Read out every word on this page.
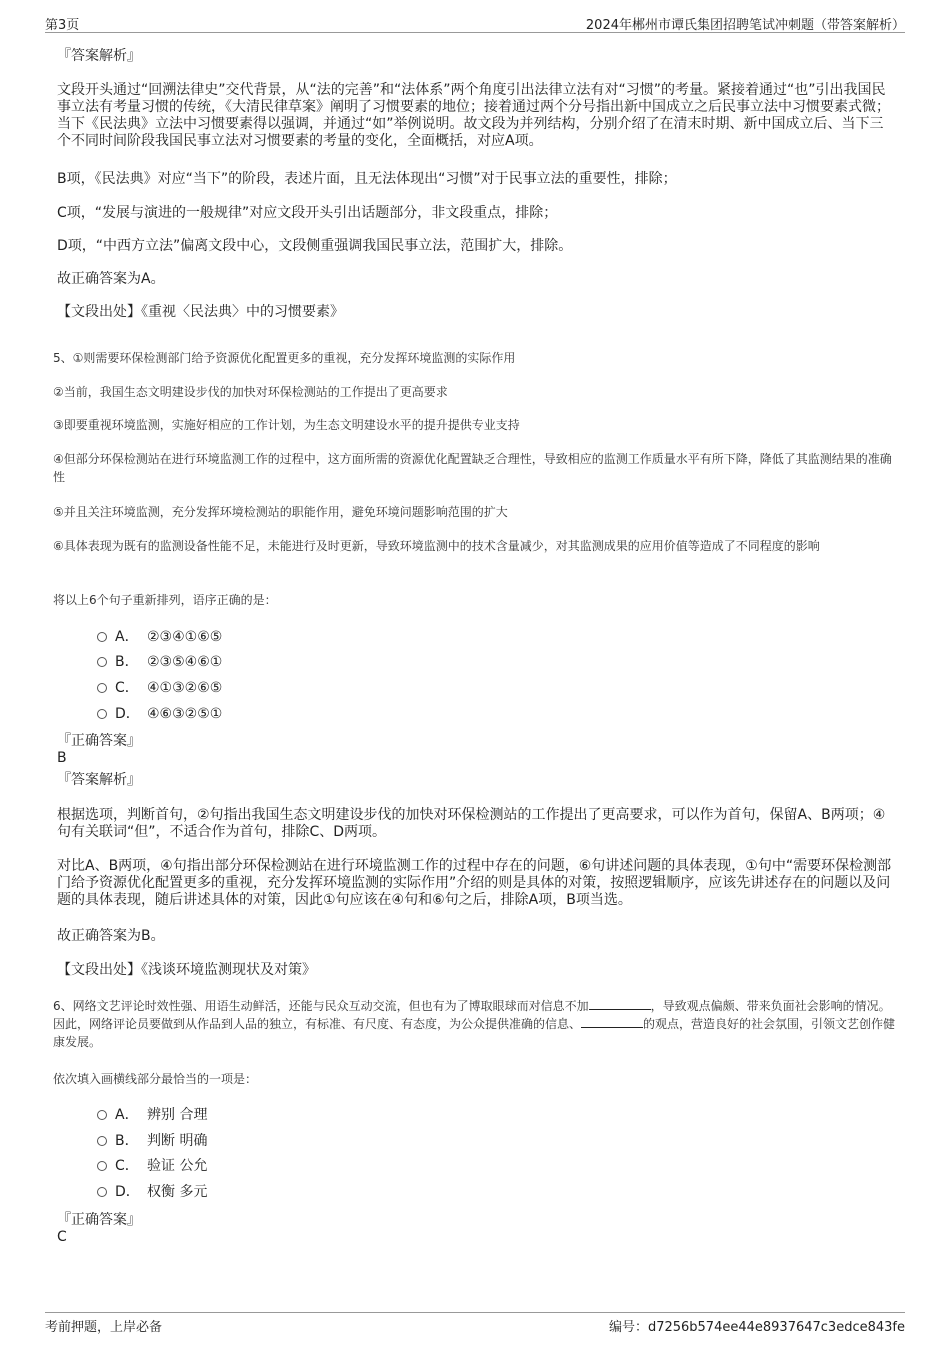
第3页	2024年郴州市谭氏集团招聘笔试冲刺题（带答案解析）

『答案解析』

文段开头通过“回溯法律史”交代背景，从“法的完善”和“法体系”两个角度引出法律立法有对“习惯”的考量。紧接着通过“也”引出我国民事立法有考量习惯的传统，《大清民律草案》阐明了习惯要素的地位；接着通过两个分号指出新中国成立之后民事立法中习惯要素式微；当下《民法典》立法中习惯要素得以强调，并通过“如”举例说明。故文段为并列结构，分别介绍了在清末时期、新中国成立后、当下三个不同时间阶段我国民事立法对习惯要素的考量的变化，全面概括，对应A项。

B项，《民法典》对应“当下”的阶段，表述片面，且无法体现出“习惯”对于民事立法的重要性，排除；

C项，“发展与演进的一般规律”对应文段开头引出话题部分，非文段重点，排除；

D项，“中西方立法”偏离文段中心，文段侧重强调我国民事立法，范围扩大，排除。

故正确答案为A。

【文段出处】《重视〈民法典〉中的习惯要素》

5、①则需要环保检测部门给予资源优化配置更多的重视，充分发挥环境监测的实际作用

②当前，我国生态文明建设步伐的加快对环保检测站的工作提出了更高要求

③即要重视环境监测，实施好相应的工作计划，为生态文明建设水平的提升提供专业支持

④但部分环保检测站在进行环境监测工作的过程中，这方面所需的资源优化配置缺乏合理性，导致相应的监测工作质量水平有所下降，降低了其监测结果的准确性

⑤并且关注环境监测，充分发挥环境检测站的职能作用，避免环境问题影响范围的扩大

⑥具体表现为既有的监测设备性能不足，未能进行及时更新，导致环境监测中的技术含量减少，对其监测成果的应用价值等造成了不同程度的影响

将以上6个句子重新排列，语序正确的是：

A． ②③④①⑥⑤
B． ②③⑤④⑥①
C． ④①③②⑥⑤
D． ④⑥③②⑤①

『正确答案』

B

『答案解析』

根据选项，判断首句，②句指出我国生态文明建设步伐的加快对环保检测站的工作提出了更高要求，可以作为首句，保留A、B两项；④句有关联词“但”，不适合作为首句，排除C、D两项。

对比A、B两项，④句指出部分环保检测站在进行环境监测工作的过程中存在的问题，⑥句讲述问题的具体表现，①句中“需要环保检测部门给予资源优化配置更多的重视，充分发挥环境监测的实际作用”介绍的则是具体的对策，按照逻辑顺序，应该先讲述存在的问题以及问题的具体表现，随后讲述具体的对策，因此①句应该在④句和⑥句之后，排除A项，B项当选。

故正确答案为B。

【文段出处】《浅谈环境监测现状及对策》

6、网络文艺评论时效性强、用语生动鲜活，还能与民众互动交流，但也有为了博取眼球而对信息不加	，导致观点偏颇、带来负面社会影响的情况。因此，网络评论员要做到从作品到人品的独立，有标准、有尺度、有态度，为公众提供准确的信息、	的观点，营造良好的社会氛围，引领文艺创作健康发展。

依次填入画横线部分最恰当的一项是：

A． 辨别 合理
B． 判断 明确
C． 验证 公允
D． 权衡 多元

『正确答案』

C

考前押题，上岸必备	编号：d7256b574ee44e8937647c3edce843fe
